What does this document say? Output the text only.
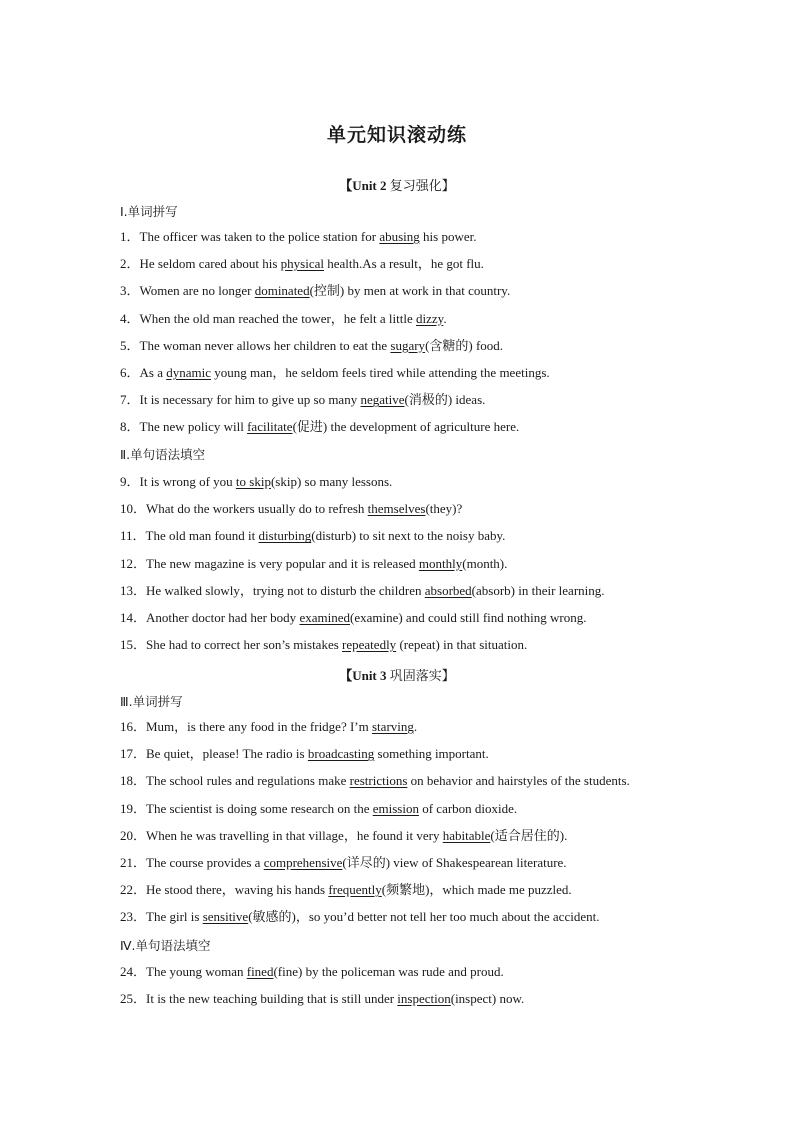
单元知识滚动练
【Unit 2 复习强化】
Ⅰ.单词拼写
1．The officer was taken to the police station for abusing his power.
2．He seldom cared about his physical health.As a result，he got flu.
3．Women are no longer dominated(控制) by men at work in that country.
4．When the old man reached the tower，he felt a little dizzy.
5．The woman never allows her children to eat the sugary(含糖的) food.
6．As a dynamic young man，he seldom feels tired while attending the meetings.
7．It is necessary for him to give up so many negative(消极的) ideas.
8．The new policy will facilitate(促进) the development of agriculture here.
Ⅱ.单句语法填空
9．It is wrong of you to skip(skip) so many lessons.
10．What do the workers usually do to refresh themselves(they)?
11．The old man found it disturbing(disturb) to sit next to the noisy baby.
12．The new magazine is very popular and it is released monthly(month).
13．He walked slowly，trying not to disturb the children absorbed(absorb) in their learning.
14．Another doctor had her body examined(examine) and could still find nothing wrong.
15．She had to correct her son’s mistakes repeatedly (repeat) in that situation.
【Unit 3 巩固落实】
Ⅲ.单词拼写
16．Mum，is there any food in the fridge? I’m starving.
17．Be quiet，please! The radio is broadcasting something important.
18．The school rules and regulations make restrictions on behavior and hairstyles of the students.
19．The scientist is doing some research on the emission of carbon dioxide.
20．When he was travelling in that village，he found it very habitable(适合居住的).
21．The course provides a comprehensive(详尽的) view of Shakespearean literature.
22．He stood there，waving his hands frequently(频繁地)，which made me puzzled.
23．The girl is sensitive(敏感的)，so you’d better not tell her too much about the accident.
Ⅳ.单句语法填空
24．The young woman fined(fine) by the policeman was rude and proud.
25．It is the new teaching building that is still under inspection(inspect) now.
